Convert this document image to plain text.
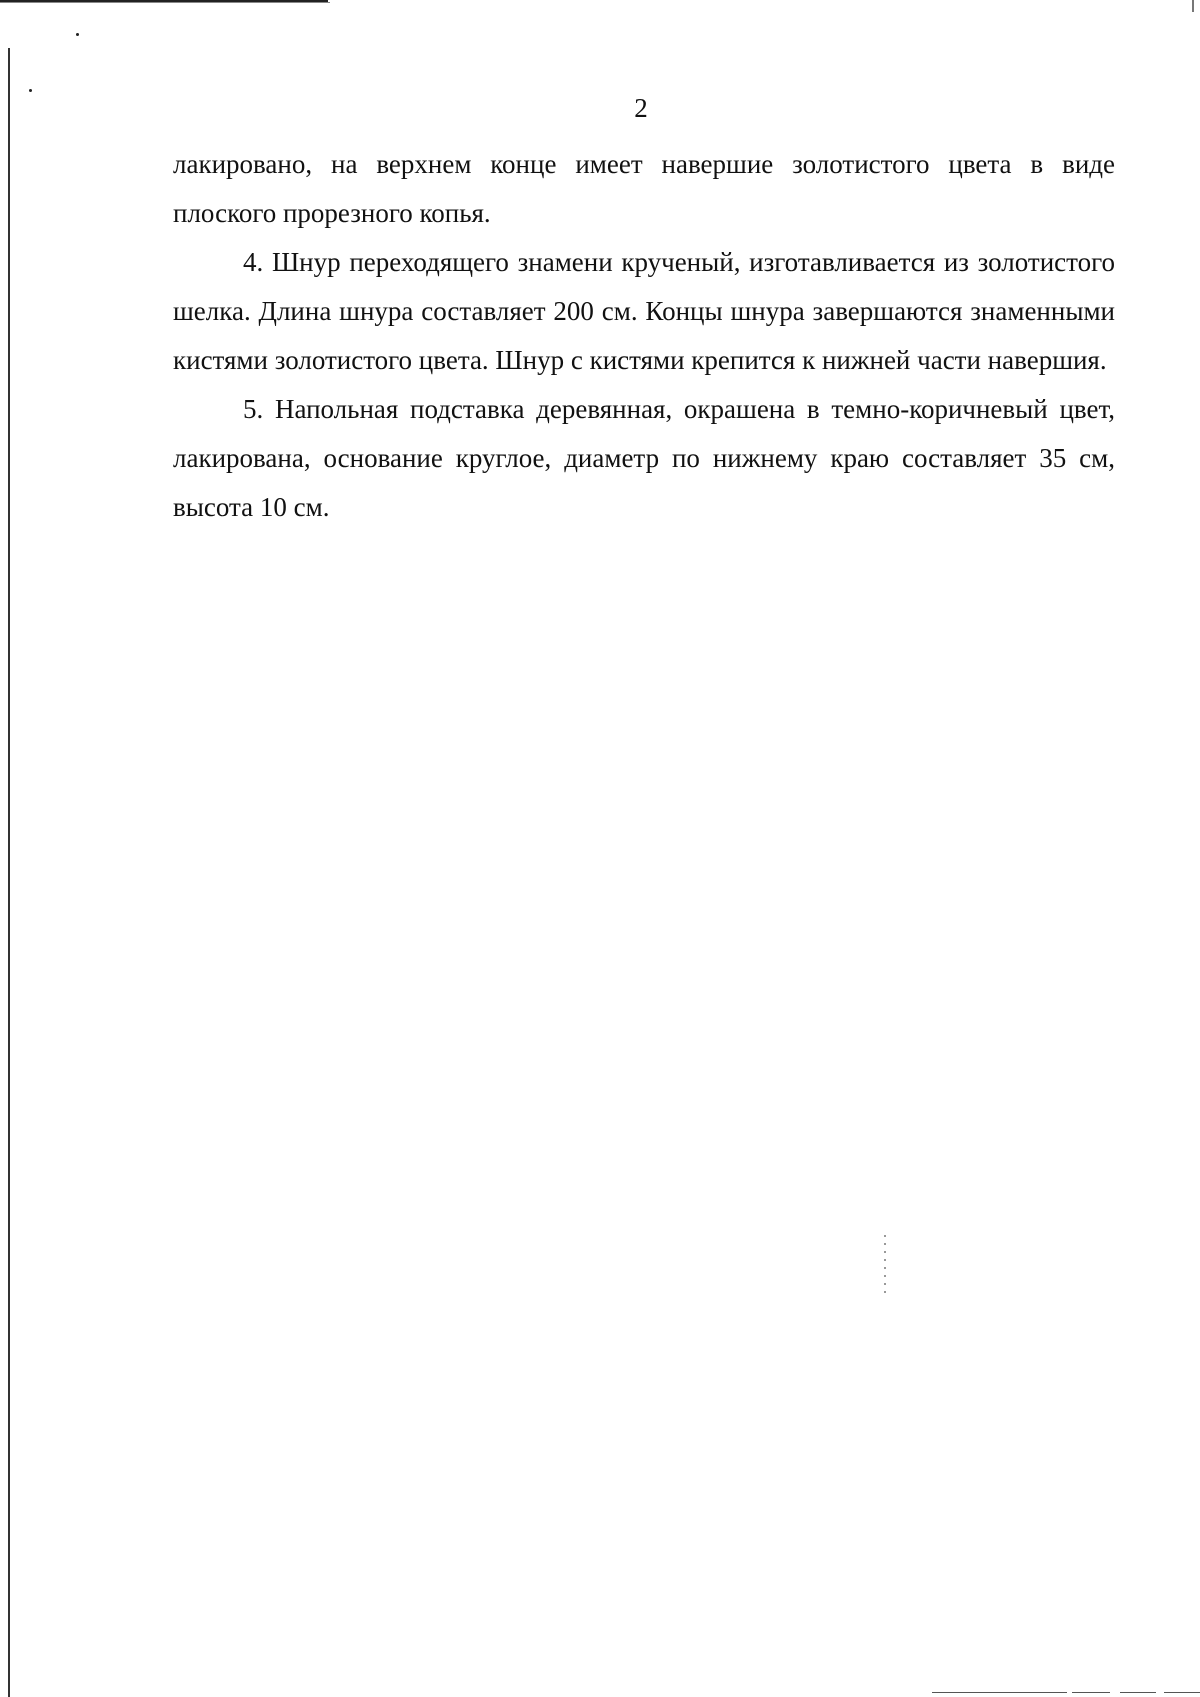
2

лакировано, на верхнем конце имеет навершие золотистого цвета в виде плоского прорезного копья.

4. Шнур переходящего знамени крученый, изготавливается из золотистого шелка. Длина шнура составляет 200 см. Концы шнура завершаются знаменными кистями золотистого цвета. Шнур с кистями крепится к нижней части навершия.

5. Напольная подставка деревянная, окрашена в темно-коричневый цвет, лакирована, основание круглое, диаметр по нижнему краю составляет 35 см, высота 10 см.
